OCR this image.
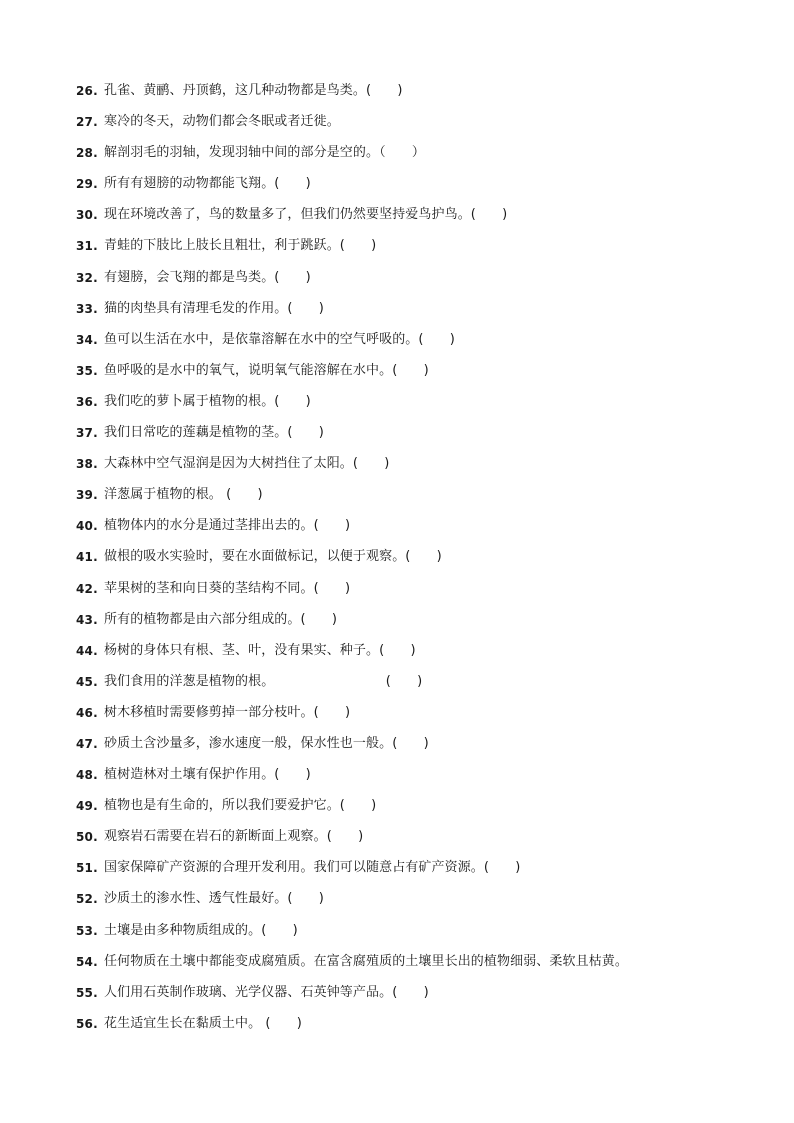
26. 孔雀、黄鹂、丹顶鹤，这几种动物都是鸟类。(　　)
27. 寒冷的冬天，动物们都会冬眠或者迁徙。
28. 解剖羽毛的羽轴，发现羽轴中间的部分是空的。（　　）
29. 所有有翅膀的动物都能飞翔。(　　)
30. 现在环境改善了，鸟的数量多了，但我们仍然要坚持爱鸟护鸟。(　　)
31. 青蛙的下肢比上肢长且粗壮，利于跳跃。(　　)
32. 有翅膀，会飞翔的都是鸟类。(　　)
33. 猫的肉垫具有清理毛发的作用。(　　)
34. 鱼可以生活在水中，是依靠溶解在水中的空气呼吸的。(　　)
35. 鱼呼吸的是水中的氧气，说明氧气能溶解在水中。(　　)
36. 我们吃的萝卜属于植物的根。(　　)
37. 我们日常吃的莲藕是植物的茎。(　　)
38. 大森林中空气湿润是因为大树挡住了太阳。(　　)
39. 洋葱属于植物的根。 (　　)
40. 植物体内的水分是通过茎排出去的。(　　)
41. 做根的吸水实验时，要在水面做标记，以便于观察。(　　)
42. 苹果树的茎和向日葵的茎结构不同。(　　)
43. 所有的植物都是由六部分组成的。(　　)
44. 杨树的身体只有根、茎、叶，没有果实、种子。(　　)
45. 我们食用的洋葱是植物的根。　　　　　　　　　(　　)
46. 树木移植时需要修剪掉一部分枝叶。(　　)
47. 砂质土含沙量多，渗水速度一般，保水性也一般。(　　)
48. 植树造林对土壤有保护作用。(　　)
49. 植物也是有生命的，所以我们要爱护它。(　　)
50. 观察岩石需要在岩石的新断面上观察。(　　)
51. 国家保障矿产资源的合理开发利用。我们可以随意占有矿产资源。(　　)
52. 沙质土的渗水性、透气性最好。(　　)
53. 土壤是由多种物质组成的。(　　)
54. 任何物质在土壤中都能变成腐殖质。在富含腐殖质的土壤里长出的植物细弱、柔软且枯黄。
55. 人们用石英制作玻璃、光学仪器、石英钟等产品。(　　)
56. 花生适宜生长在黏质土中。 (　　)
